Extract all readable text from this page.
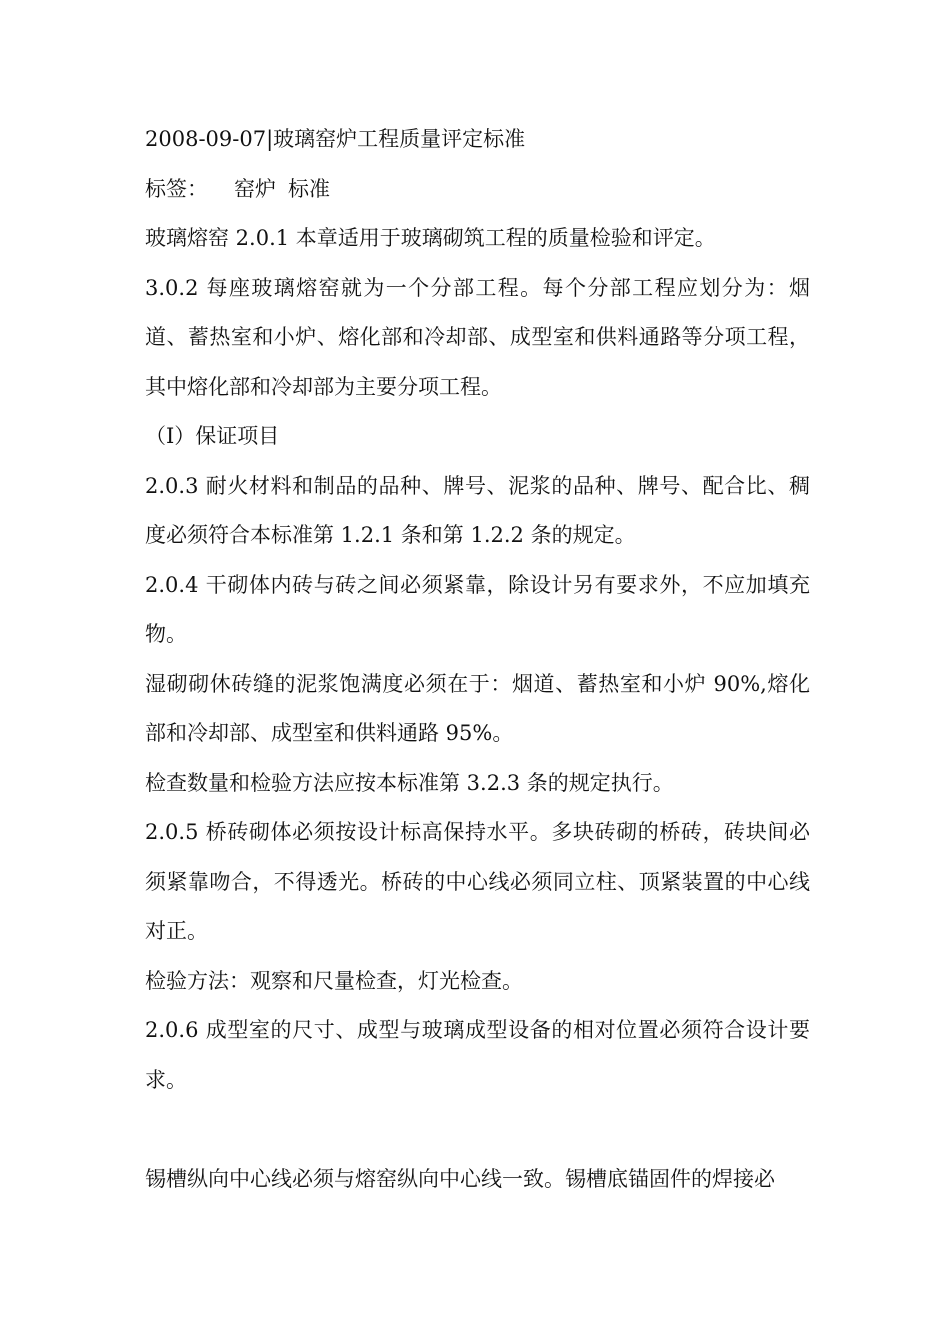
2008-09-07|玻璃窑炉工程质量评定标准

标签： 窑炉 标准

玻璃熔窑 2.0.1 本章适用于玻璃砌筑工程的质量检验和评定。

3.0.2 每座玻璃熔窑就为一个分部工程。每个分部工程应划分为：烟道、蓄热室和小炉、熔化部和冷却部、成型室和供料通路等分项工程，其中熔化部和冷却部为主要分项工程。

（Ⅰ）保证项目

2.0.3 耐火材料和制品的品种、牌号、泥浆的品种、牌号、配合比、稠度必须符合本标准第 1.2.1 条和第 1.2.2 条的规定。

2.0.4 干砌体内砖与砖之间必须紧靠，除设计另有要求外，不应加填充物。

湿砌砌休砖缝的泥浆饱满度必须在于：烟道、蓄热室和小炉 90%,熔化部和冷却部、成型室和供料通路 95%。

检查数量和检验方法应按本标准第 3.2.3 条的规定执行。

2.0.5 桥砖砌体必须按设计标高保持水平。多块砖砌的桥砖，砖块间必须紧靠吻合，不得透光。桥砖的中心线必须同立柱、顶紧装置的中心线对正。

检验方法：观察和尺量检查，灯光检查。

2.0.6 成型室的尺寸、成型与玻璃成型设备的相对位置必须符合设计要求。

锡槽纵向中心线必须与熔窑纵向中心线一致。锡槽底锚固件的焊接必
